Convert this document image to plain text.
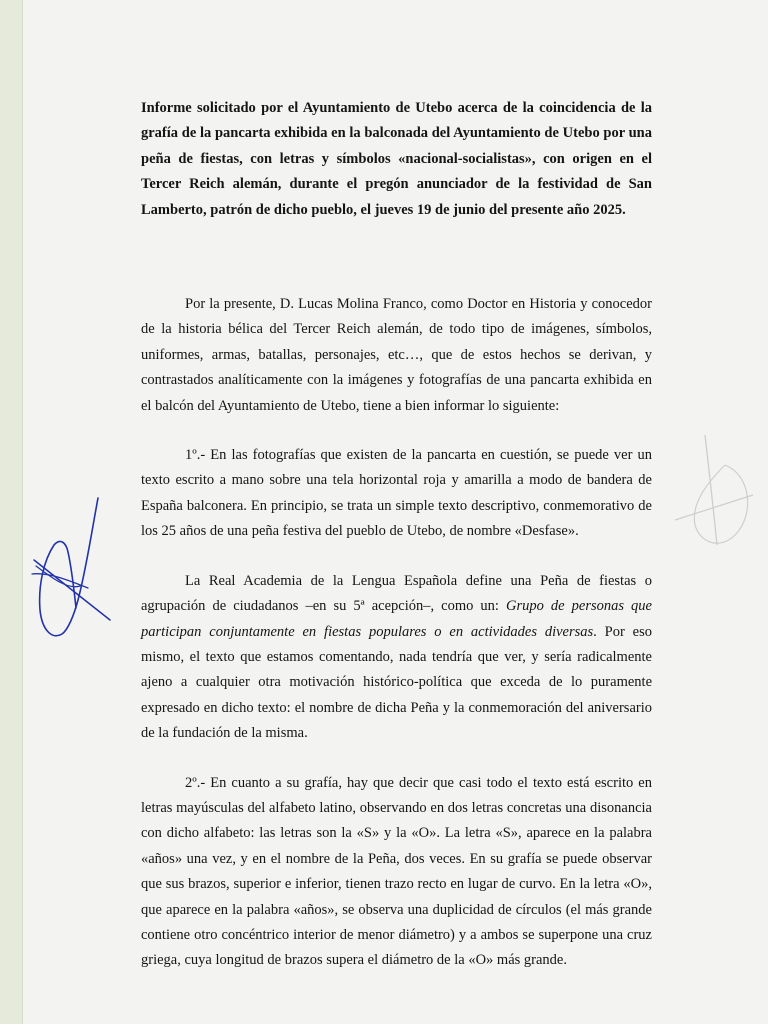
Informe solicitado por el Ayuntamiento de Utebo acerca de la coincidencia de la grafía de la pancarta exhibida en la balconada del Ayuntamiento de Utebo por una peña de fiestas, con letras y símbolos «nacional-socialistas», con origen en el Tercer Reich alemán, durante el pregón anunciador de la festividad de San Lamberto, patrón de dicho pueblo, el jueves 19 de junio del presente año 2025.

Por la presente, D. Lucas Molina Franco, como Doctor en Historia y conocedor de la historia bélica del Tercer Reich alemán, de todo tipo de imágenes, símbolos, uniformes, armas, batallas, personajes, etc…, que de estos hechos se derivan, y contrastados analíticamente con la imágenes y fotografías de una pancarta exhibida en el balcón del Ayuntamiento de Utebo, tiene a bien informar lo siguiente:

1º.- En las fotografías que existen de la pancarta en cuestión, se puede ver un texto escrito a mano sobre una tela horizontal roja y amarilla a modo de bandera de España balconera. En principio, se trata un simple texto descriptivo, conmemorativo de los 25 años de una peña festiva del pueblo de Utebo, de nombre «Desfase».

La Real Academia de la Lengua Española define una Peña de fiestas o agrupación de ciudadanos –en su 5ª acepción–, como un: Grupo de personas que participan conjuntamente en fiestas populares o en actividades diversas. Por eso mismo, el texto que estamos comentando, nada tendría que ver, y sería radicalmente ajeno a cualquier otra motivación histórico-política que exceda de lo puramente expresado en dicho texto: el nombre de dicha Peña y la conmemoración del aniversario de la fundación de la misma.

2º.- En cuanto a su grafía, hay que decir que casi todo el texto está escrito en letras mayúsculas del alfabeto latino, observando en dos letras concretas una disonancia con dicho alfabeto: las letras son la «S» y la «O». La letra «S», aparece en la palabra «años» una vez, y en el nombre de la Peña, dos veces. En su grafía se puede observar que sus brazos, superior e inferior, tienen trazo recto en lugar de curvo. En la letra «O», que aparece en la palabra «años», se observa una duplicidad de círculos (el más grande contiene otro concéntrico interior de menor diámetro) y a ambos se superpone una cruz griega, cuya longitud de brazos supera el diámetro de la «O» más grande.
